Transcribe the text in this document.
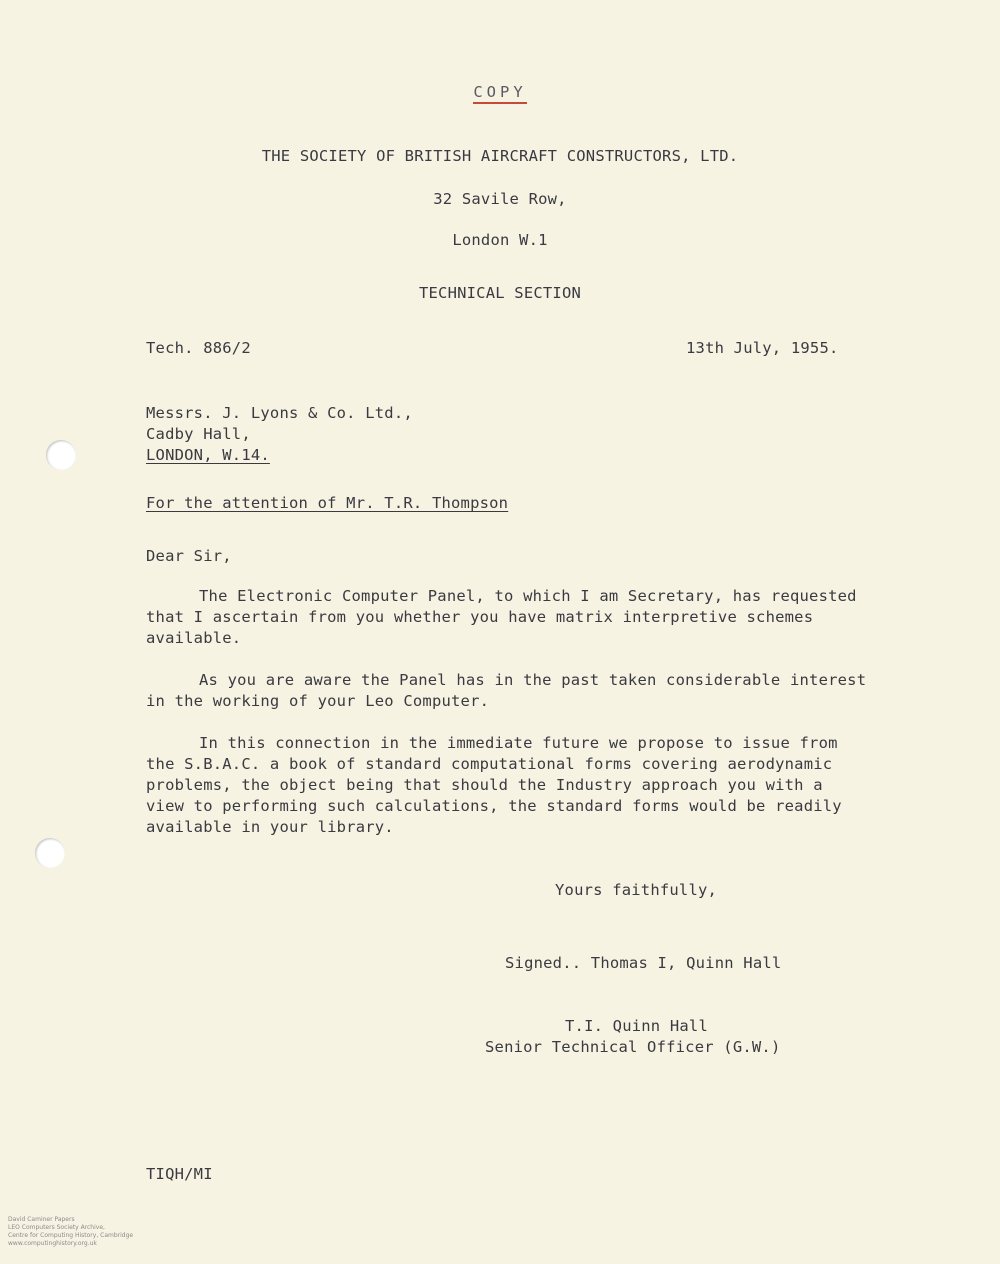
COPY
THE SOCIETY OF BRITISH AIRCRAFT CONSTRUCTORS, LTD.
32 Savile Row,
London W.1
TECHNICAL SECTION
Tech. 886/2	13th July, 1955.
Messrs. J. Lyons & Co. Ltd.,
Cadby Hall,
LONDON, W.14.
For the attention of Mr. T.R. Thompson
Dear Sir,
The Electronic Computer Panel, to which I am Secretary, has requested
that I ascertain from you whether you have matrix interpretive schemes
available.
As you are aware the Panel has in the past taken considerable interest
in the working of your Leo Computer.
In this connection in the immediate future we propose to issue from
the S.B.A.C. a book of standard computational forms covering aerodynamic
problems, the object being that should the Industry approach you with a
view to performing such calculations, the standard forms would be readily
available in your library.
Yours faithfully,
Signed.. Thomas I, Quinn Hall
T.I. Quinn Hall
Senior Technical Officer (G.W.)
TIQH/MI
David Caminer Papers
LEO Computers Society Archive,
Centre for Computing History, Cambridge
www.computinghistory.org.uk
